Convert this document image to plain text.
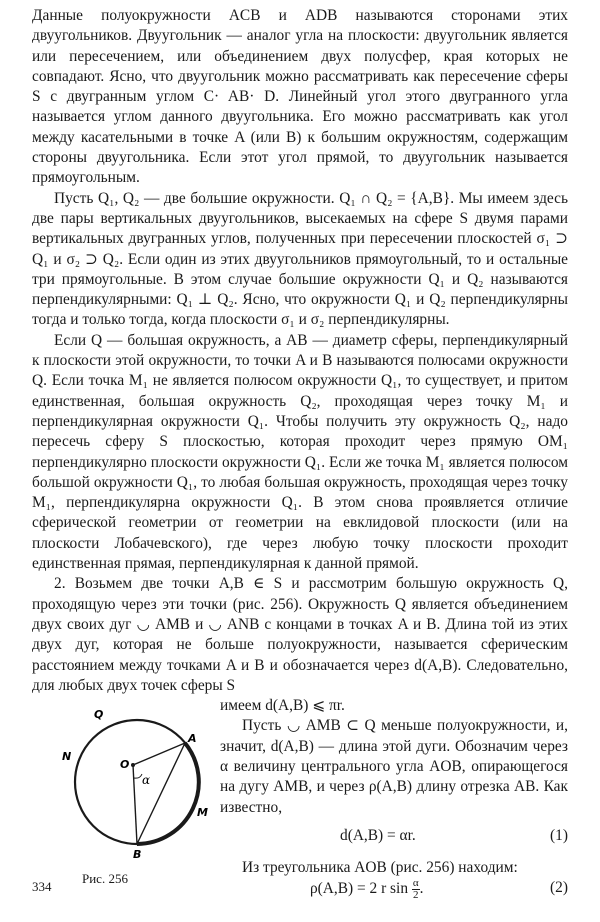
Данные полуокружности ACB и ADB называются сторонами этих двуугольников. Двуугольник — аналог угла на плоскости: двуугольник является или пересечением, или объединением двух полусфер, края которых не совпадают. Ясно, что двуугольник можно рассматривать как пересечение сферы S с двугранным углом C· AB· D. Линейный угол этого двугранного угла называется углом данного двуугольника. Его можно рассматривать как угол между касательными в точке A (или B) к большим окружностям, содержащим стороны двуугольника. Если этот угол прямой, то двуугольник называется прямоугольным.

Пусть Q₁, Q₂ — две большие окружности. Q₁ ∩ Q₂ = {A,B}. Мы имеем здесь две пары вертикальных двуугольников, высекаемых на сфере S двумя парами вертикальных двугранных углов, полученных при пересечении плоскостей σ₁ ⊃ Q₁ и σ₂ ⊃ Q₂. Если один из этих двуугольников прямоугольный, то и остальные три прямоугольные. В этом случае большие окружности Q₁ и Q₂ называются перпендикулярными: Q₁ ⊥ Q₂. Ясно, что окружности Q₁ и Q₂ перпендикулярны тогда и только тогда, когда плоскости σ₁ и σ₂ перпендикулярны.

Если Q — большая окружность, а AB — диаметр сферы, перпендикулярный к плоскости этой окружности, то точки A и B называются полюсами окружности Q. Если точка M₁ не является полюсом окружности Q₁, то существует, и притом единственная, большая окружность Q₂, проходящая через точку M₁ и перпендикулярная окружности Q₁. Чтобы получить эту окружность Q₂, надо пересечь сферу S плоскостью, которая проходит через прямую OM₁ перпендикулярно плоскости окружности Q₁. Если же точка M₁ является полюсом большой окружности Q₁, то любая большая окружность, проходящая через точку M₁, перпендикулярна окружности Q₁. В этом снова проявляется отличие сферической геометрии от геометрии на евклидовой плоскости (или на плоскости Лобачевского), где через любую точку плоскости проходит единственная прямая, перпендикулярная к данной прямой.

2. Возьмем две точки A,B ∈ S и рассмотрим большую окружность Q, проходящую через эти точки (рис. 256). Окружность Q является объединением двух своих дуг ◡ AMB и ◡ ANB с концами в точках A и B. Длина той из этих двух дуг, которая не больше полуокружности, называется сферическим расстоянием между точками A и B и обозначается через d(A,B). Следовательно, для любых двух точек сферы S

Q
N
O
α
A
B
M
Рис. 256

имеем d(A,B) ⩽ πr.

Пусть ◡ AMB ⊂ Q меньше полуокружности, и, значит, d(A,B) — длина этой дуги. Обозначим через α величину центрального угла AOB, опирающегося на дугу AMB, и через ρ(A,B) длину отрезка AB. Как известно,

d(A,B) = αr.	(1)

Из треугольника AOB (рис. 256) находим:

ρ(A,B) = 2 r $\sin \frac{\alpha}{2}$ .	(2)
334
